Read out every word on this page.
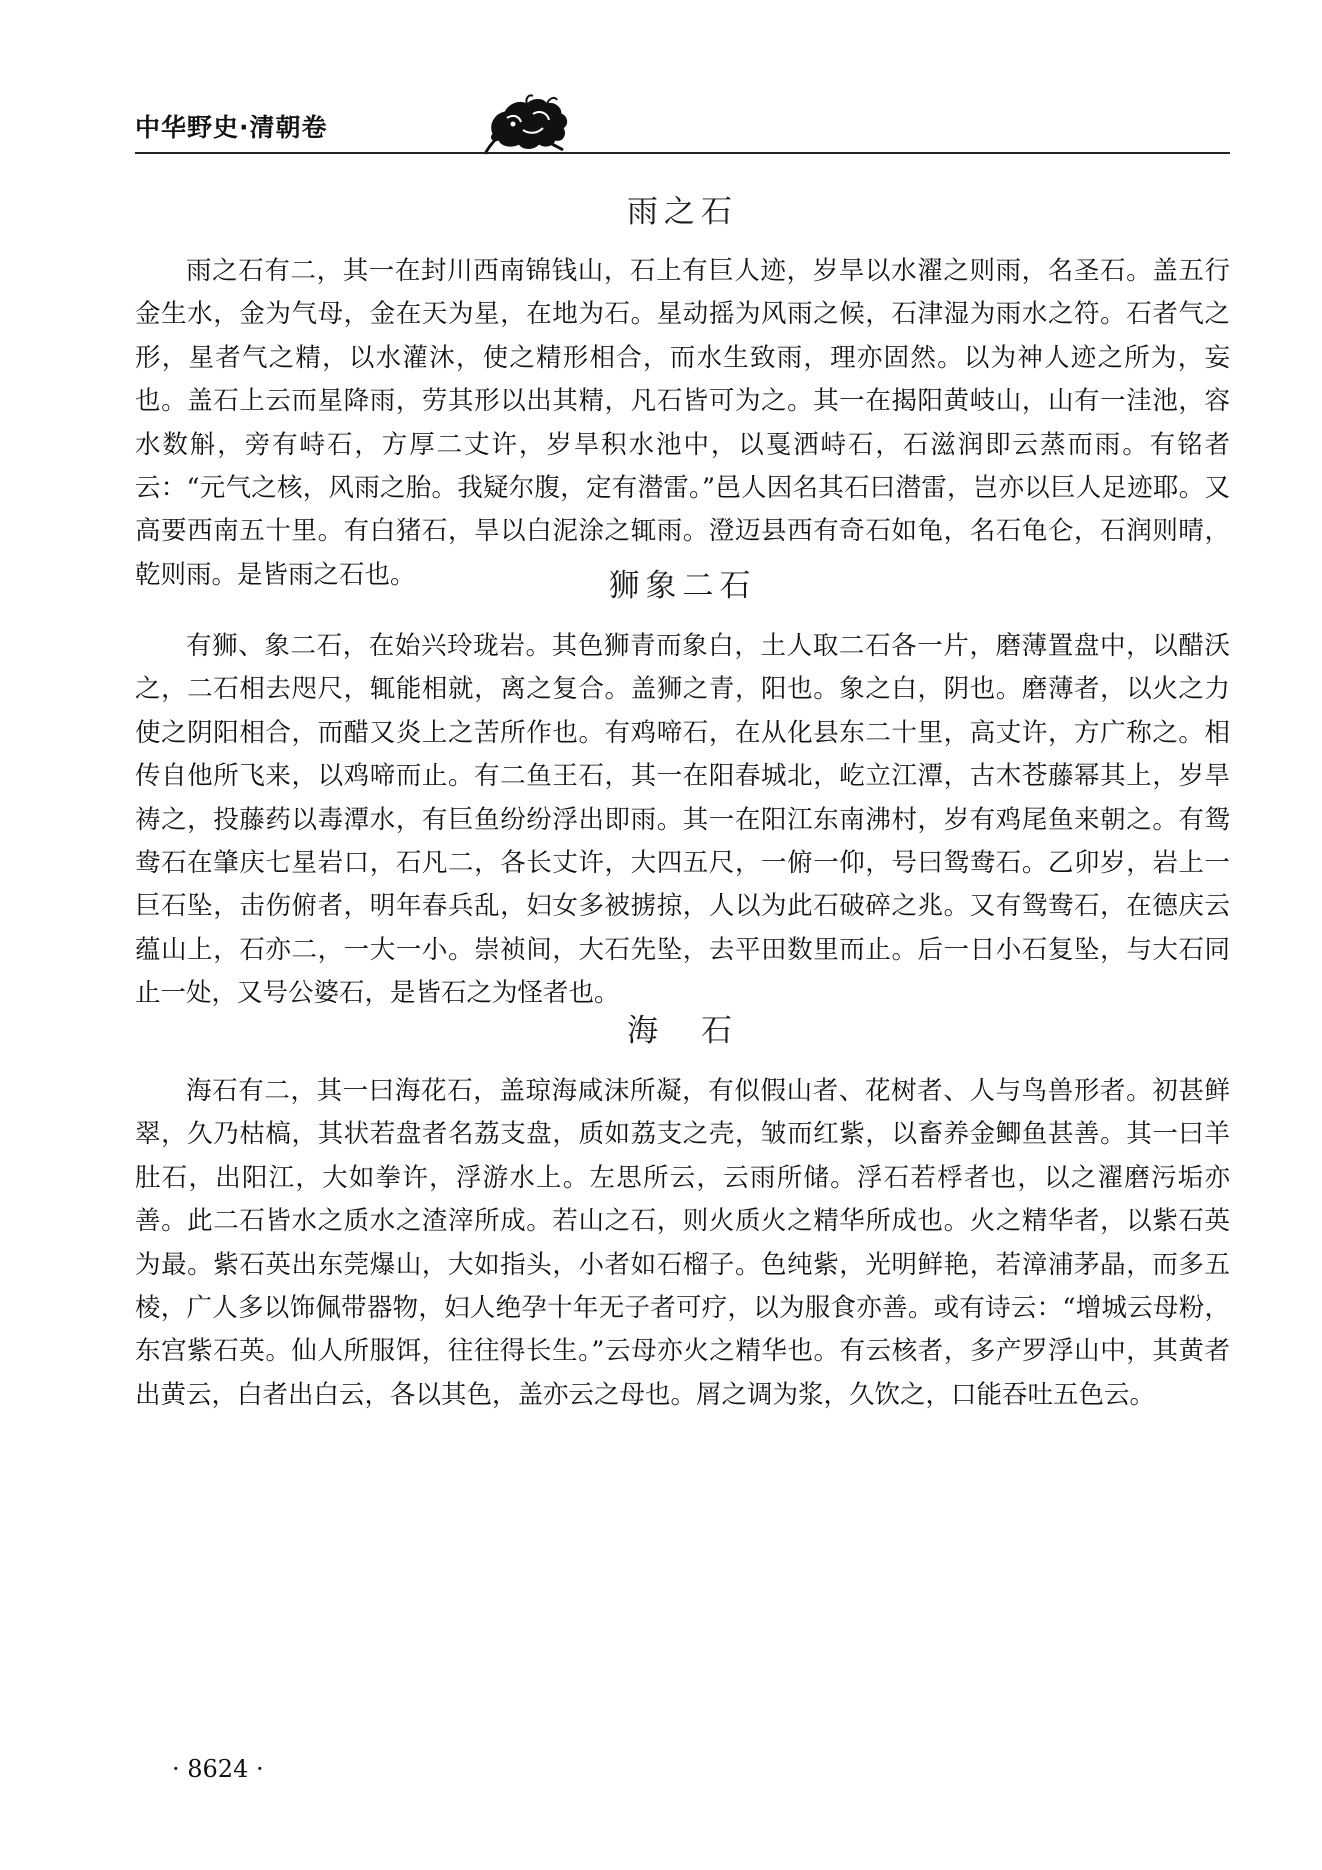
中华野史·清朝卷
雨之石

雨之石有二，其一在封川西南锦钱山，石上有巨人迹，岁旱以水濯之则雨，名圣石。盖五行金生水，金为气母，金在天为星，在地为石。星动摇为风雨之候，石津湿为雨水之符。石者气之形，星者气之精，以水灌沐，使之精形相合，而水生致雨，理亦固然。以为神人迹之所为，妄也。盖石上云而星降雨，劳其形以出其精，凡石皆可为之。其一在揭阳黄岐山，山有一洼池，容水数斛，旁有峙石，方厚二丈许，岁旱积水池中，以戛洒峙石，石滋润即云蒸而雨。有铭者云：“元气之核，风雨之胎。我疑尔腹，定有潜雷。”邑人因名其石曰潜雷，岂亦以巨人足迹耶。又高要西南五十里。有白猪石，旱以白泥涂之辄雨。澄迈县西有奇石如龟，名石龟仑，石润则晴，乾则雨。是皆雨之石也。	狮象二石

有狮、象二石，在始兴玲珑岩。其色狮青而象白，土人取二石各一片，磨薄置盘中，以醋沃之，二石相去咫尺，辄能相就，离之复合。盖狮之青，阳也。象之白，阴也。磨薄者，以火之力使之阴阳相合，而醋又炎上之苦所作也。有鸡啼石，在从化县东二十里，高丈许，方广称之。相传自他所飞来，以鸡啼而止。有二鱼王石，其一在阳春城北，屹立江潭，古木苍藤幂其上，岁旱祷之，投藤药以毒潭水，有巨鱼纷纷浮出即雨。其一在阳江东南沸村，岁有鸡尾鱼来朝之。有鸳鸯石在肇庆七星岩口，石凡二，各长丈许，大四五尺，一俯一仰，号曰鸳鸯石。乙卯岁，岩上一巨石坠，击伤俯者，明年春兵乱，妇女多被掳掠，人以为此石破碎之兆。又有鸳鸯石，在德庆云蕴山上，石亦二，一大一小。崇祯间，大石先坠，去平田数里而止。后一日小石复坠，与大石同止一处，又号公婆石，是皆石之为怪者也。

海　石

海石有二，其一曰海花石，盖琼海咸沫所凝，有似假山者、花树者、人与鸟兽形者。初甚鲜翠，久乃枯槁，其状若盘者名荔支盘，质如荔支之壳，皱而红紫，以畜养金鲫鱼甚善。其一曰羊肚石，出阳江，大如拳许，浮游水上。左思所云，云雨所储。浮石若桴者也，以之濯磨污垢亦善。此二石皆水之质水之渣滓所成。若山之石，则火质火之精华所成也。火之精华者，以紫石英为最。紫石英出东莞爆山，大如指头，小者如石榴子。色纯紫，光明鲜艳，若漳浦茅晶，而多五棱，广人多以饰佩带器物，妇人绝孕十年无子者可疗，以为服食亦善。或有诗云：“增城云母粉，东宫紫石英。仙人所服饵，往往得长生。”云母亦火之精华也。有云核者，多产罗浮山中，其黄者出黄云，白者出白云，各以其色，盖亦云之母也。屑之调为浆，久饮之，口能吞吐五色云。

· 8624 ·
